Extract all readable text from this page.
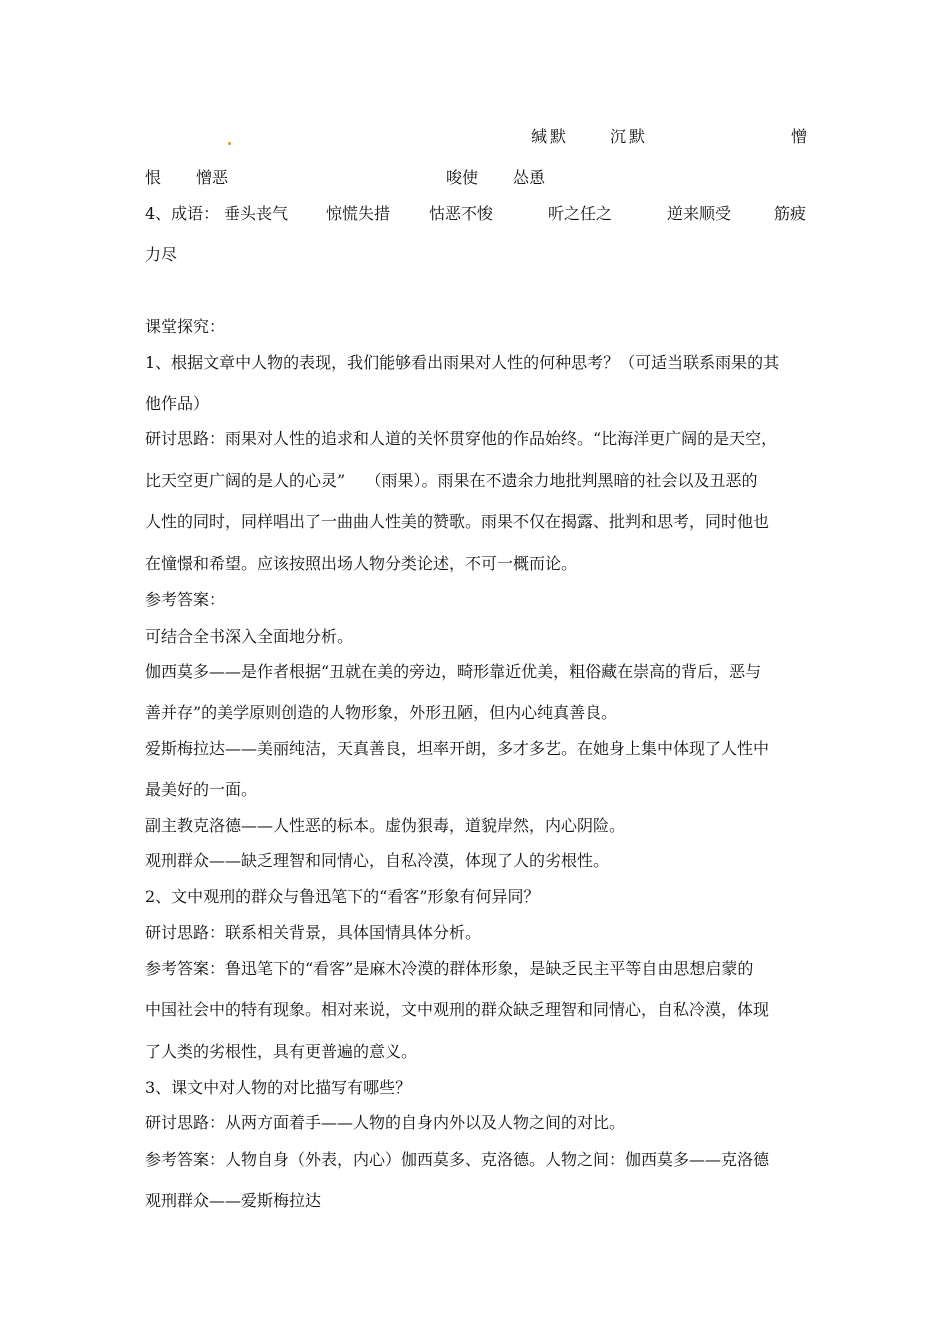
缄默	沉默	憎
恨 憎恶	唆使 怂恿
4、成语： 垂头丧气 惊慌失措 怙恶不悛	听之任之	逆来顺受	筋疲
力尽
课堂探究：
1、根据文章中人物的表现，我们能够看出雨果对人性的何种思考？（可适当联系雨果的其
他作品）
研讨思路：雨果对人性的追求和人道的关怀贯穿他的作品始终。“比海洋更广阔的是天空，
比天空更广阔的是人的心灵”    （雨果）。雨果在不遗余力地批判黑暗的社会以及丑恶的
人性的同时，同样唱出了一曲曲人性美的赞歌。雨果不仅在揭露、批判和思考，同时他也
在憧憬和希望。应该按照出场人物分类论述，不可一概而论。
参考答案：
可结合全书深入全面地分析。
伽西莫多——是作者根据“丑就在美的旁边，畸形靠近优美，粗俗藏在崇高的背后，恶与
善并存”的美学原则创造的人物形象，外形丑陋，但内心纯真善良。
爱斯梅拉达——美丽纯洁，天真善良，坦率开朗，多才多艺。在她身上集中体现了人性中
最美好的一面。
副主教克洛德——人性恶的标本。虚伪狠毒，道貌岸然，内心阴险。
观刑群众——缺乏理智和同情心，自私冷漠，体现了人的劣根性。
2、文中观刑的群众与鲁迅笔下的“看客”形象有何异同？
研讨思路：联系相关背景，具体国情具体分析。
参考答案：鲁迅笔下的“看客”是麻木冷漠的群体形象，是缺乏民主平等自由思想启蒙的
中国社会中的特有现象。相对来说，文中观刑的群众缺乏理智和同情心，自私冷漠，体现
了人类的劣根性，具有更普遍的意义。
3、课文中对人物的对比描写有哪些？
研讨思路：从两方面着手——人物的自身内外以及人物之间的对比。
参考答案：人物自身（外表，内心）伽西莫多、克洛德。人物之间：伽西莫多——克洛德
观刑群众——爱斯梅拉达
